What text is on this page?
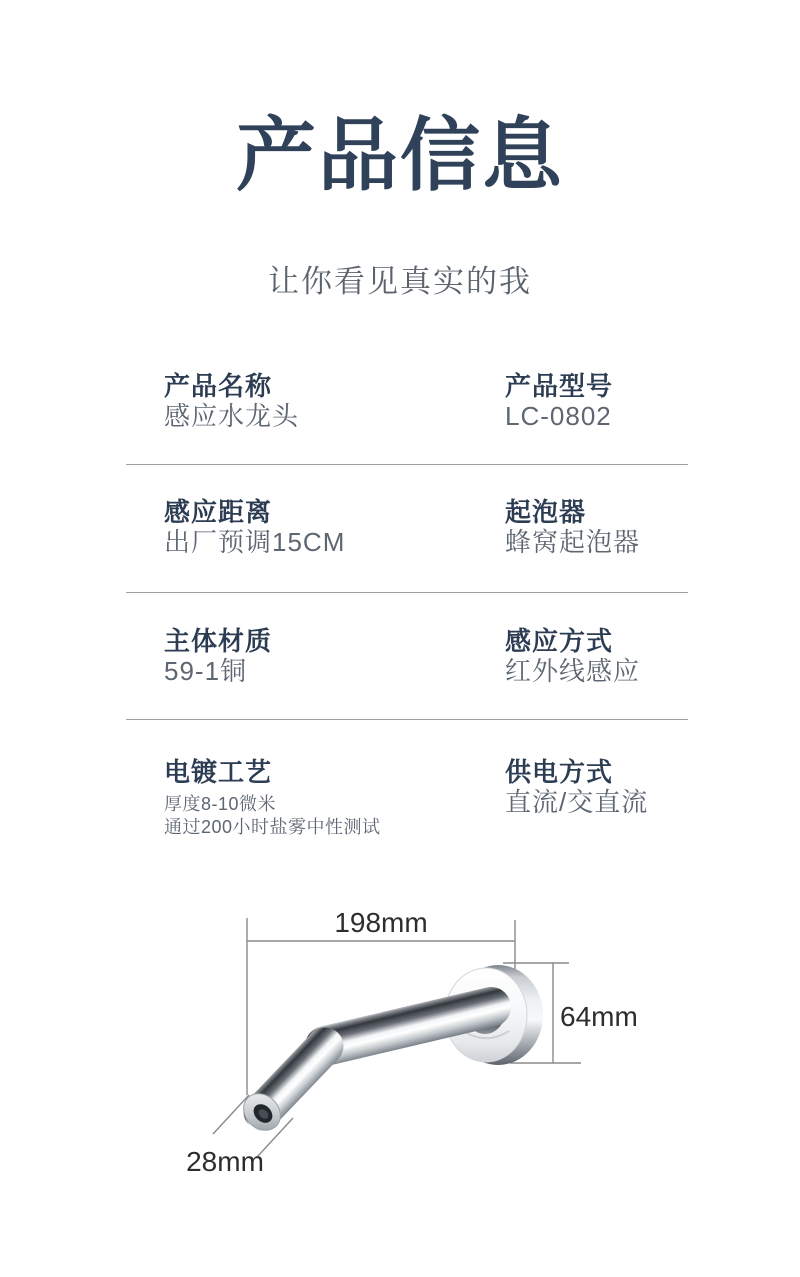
产品信息
让你看见真实的我
产品名称
感应水龙头
产品型号
LC-0802
感应距离
出厂预调15CM
起泡器
蜂窝起泡器
主体材质
59-1铜
感应方式
红外线感应
电镀工艺
厚度8-10微米
通过200小时盐雾中性测试
供电方式
直流/交直流
198mm
64mm
28mm
